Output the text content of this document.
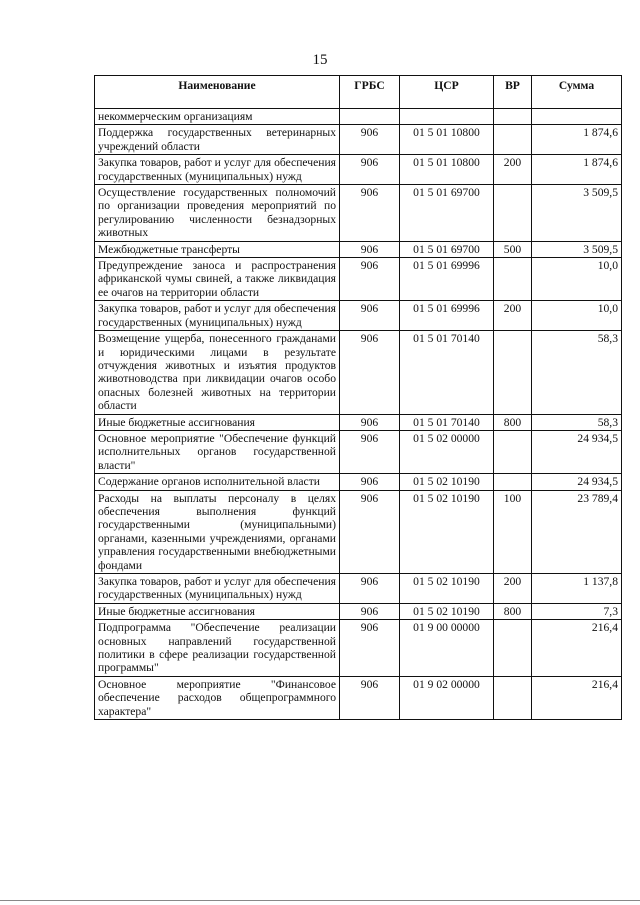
15
Наименование	ГРБС	ЦСР	ВР	Сумма
некоммерческим организациям				
Поддержка государственных ветеринарных учреждений области	906	01 5 01 10800		1 874,6
Закупка товаров, работ и услуг для обеспечения государственных (муниципальных) нужд	906	01 5 01 10800	200	1 874,6
Осуществление государственных полномочий по организации проведения мероприятий по регулированию численности безнадзорных животных	906	01 5 01 69700		3 509,5
Межбюджетные трансферты	906	01 5 01 69700	500	3 509,5
Предупреждение заноса и распространения африканской чумы свиней, а также ликвидация ее очагов на территории области	906	01 5 01 69996		10,0
Закупка товаров, работ и услуг для обеспечения государственных (муниципальных) нужд	906	01 5 01 69996	200	10,0
Возмещение ущерба, понесенного гражданами и юридическими лицами в результате отчуждения животных и изъятия продуктов животноводства при ликвидации очагов особо опасных болезней животных на территории области	906	01 5 01 70140		58,3
Иные бюджетные ассигнования	906	01 5 01 70140	800	58,3
Основное мероприятие "Обеспечение функций исполнительных органов государственной власти"	906	01 5 02 00000		24 934,5
Содержание органов исполнительной власти	906	01 5 02 10190		24 934,5
Расходы на выплаты персоналу в целях обеспечения выполнения функций государственными (муниципальными) органами, казенными учреждениями, органами управления государственными внебюджетными фондами	906	01 5 02 10190	100	23 789,4
Закупка товаров, работ и услуг для обеспечения государственных (муниципальных) нужд	906	01 5 02 10190	200	1 137,8
Иные бюджетные ассигнования	906	01 5 02 10190	800	7,3
Подпрограмма "Обеспечение реализации основных направлений государственной политики в сфере реализации государственной программы"	906	01 9 00 00000		216,4
Основное мероприятие "Финансовое обеспечение расходов общепрограммного характера"	906	01 9 02 00000		216,4
